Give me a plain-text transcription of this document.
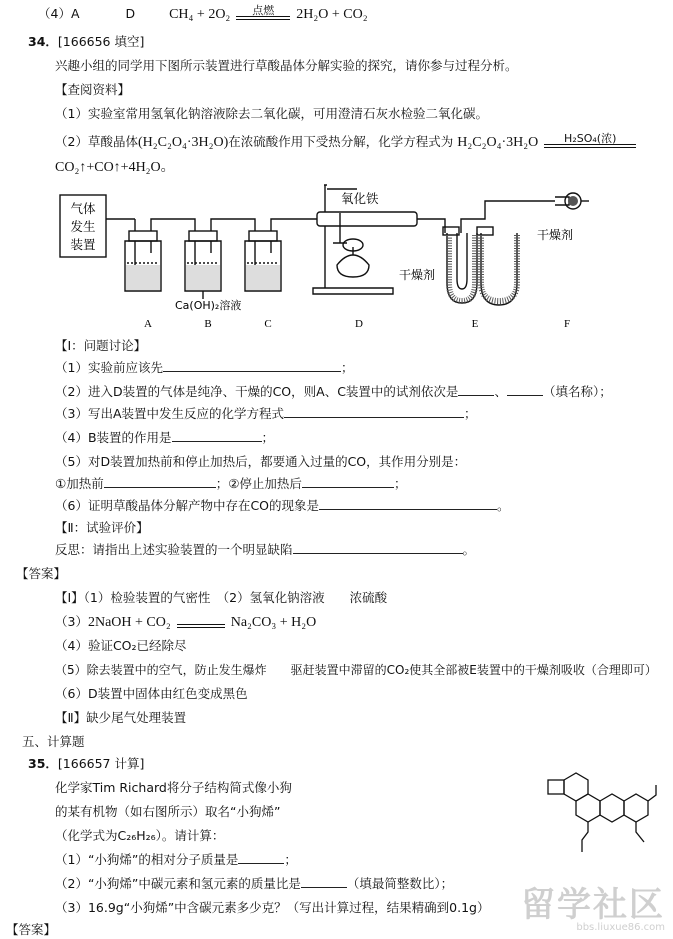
（4）A	D CH₄ + 2O₂	点燃	2H₂O + CO₂
34．[166656 填空]
兴趣小组的同学用下图所示装置进行草酸晶体分解实验的探究，请你参与过程分析。
【查阅资料】
（1）实验室常用氢氧化钠溶液除去二氧化碳，可用澄清石灰水检验二氧化碳。
（2）草酸晶体(H₂C₂O₄·3H₂O)在浓硫酸作用下受热分解，化学方程式为 H₂C₂O₄·3H₂O	H₂SO₄(浓)
CO₂↑+CO↑+4H₂O。
气体
发生
装置
氧化铁
Ca(OH)₂溶液
干燥剂
干燥剂
A	B	C	D	E	F
【Ⅰ：问题讨论】
（1）实验前应该先	；
（2）进入D装置的气体是纯净、干燥的CO，则A、C装置中的试剂依次是	、	（填名称）；
（3）写出A装置中发生反应的化学方程式	；
（4）B装置的作用是	；
（5）对D装置加热前和停止加热后，都要通入过量的CO，其作用分别是：
①加热前	；②停止加热后	；
（6）证明草酸晶体分解产物中存在CO的现象是	。
【Ⅱ：试验评价】
反思：请指出上述实验装置的一个明显缺陷	。
【答案】
【Ⅰ】（1）检验装置的气密性　（2）氢氧化钠溶液　　浓硫酸
（3）2NaOH + CO₂	Na₂CO₃ + H₂O
（4）验证CO₂已经除尽
（5）除去装置中的空气，防止发生爆炸　　驱赶装置中滞留的CO₂使其全部被E装置中的干燥剂吸收（合理即可）
（6）D装置中固体由红色变成黑色
【Ⅱ】缺少尾气处理装置
五、计算题
35．[166657 计算]
化学家Tim Richard将分子结构简式像小狗
的某有机物（如右图所示）取名“小狗烯”
（化学式为C₂₆H₂₆）。请计算：
（1）“小狗烯”的相对分子质量是	；
（2）“小狗烯”中碳元素和氢元素的质量比是	（填最简整数比）；
（3）16.9g“小狗烯”中含碳元素多少克？（写出计算过程，结果精确到0.1g）
【答案】
留学社区
bbs.liuxue86.com
